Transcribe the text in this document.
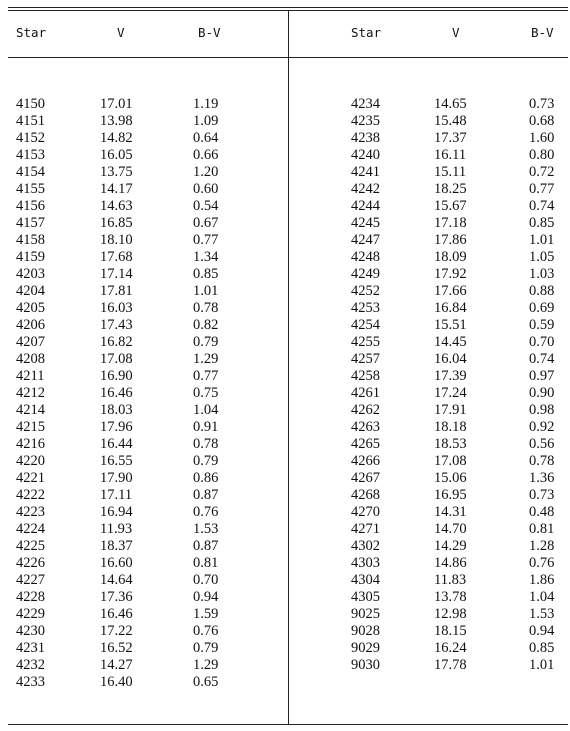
Star	V	B-V	Star	V	B-V
4150	17.01	1.19
4151	13.98	1.09
4152	14.82	0.64
4153	16.05	0.66
4154	13.75	1.20
4155	14.17	0.60
4156	14.63	0.54
4157	16.85	0.67
4158	18.10	0.77
4159	17.68	1.34
4203	17.14	0.85
4204	17.81	1.01
4205	16.03	0.78
4206	17.43	0.82
4207	16.82	0.79
4208	17.08	1.29
4211	16.90	0.77
4212	16.46	0.75
4214	18.03	1.04
4215	17.96	0.91
4216	16.44	0.78
4220	16.55	0.79
4221	17.90	0.86
4222	17.11	0.87
4223	16.94	0.76
4224	11.93	1.53
4225	18.37	0.87
4226	16.60	0.81
4227	14.64	0.70
4228	17.36	0.94
4229	16.46	1.59
4230	17.22	0.76
4231	16.52	0.79
4232	14.27	1.29
4233	16.40	0.65
4234	14.65	0.73
4235	15.48	0.68
4238	17.37	1.60
4240	16.11	0.80
4241	15.11	0.72
4242	18.25	0.77
4244	15.67	0.74
4245	17.18	0.85
4247	17.86	1.01
4248	18.09	1.05
4249	17.92	1.03
4252	17.66	0.88
4253	16.84	0.69
4254	15.51	0.59
4255	14.45	0.70
4257	16.04	0.74
4258	17.39	0.97
4261	17.24	0.90
4262	17.91	0.98
4263	18.18	0.92
4265	18.53	0.56
4266	17.08	0.78
4267	15.06	1.36
4268	16.95	0.73
4270	14.31	0.48
4271	14.70	0.81
4302	14.29	1.28
4303	14.86	0.76
4304	11.83	1.86
4305	13.78	1.04
9025	12.98	1.53
9028	18.15	0.94
9029	16.24	0.85
9030	17.78	1.01
